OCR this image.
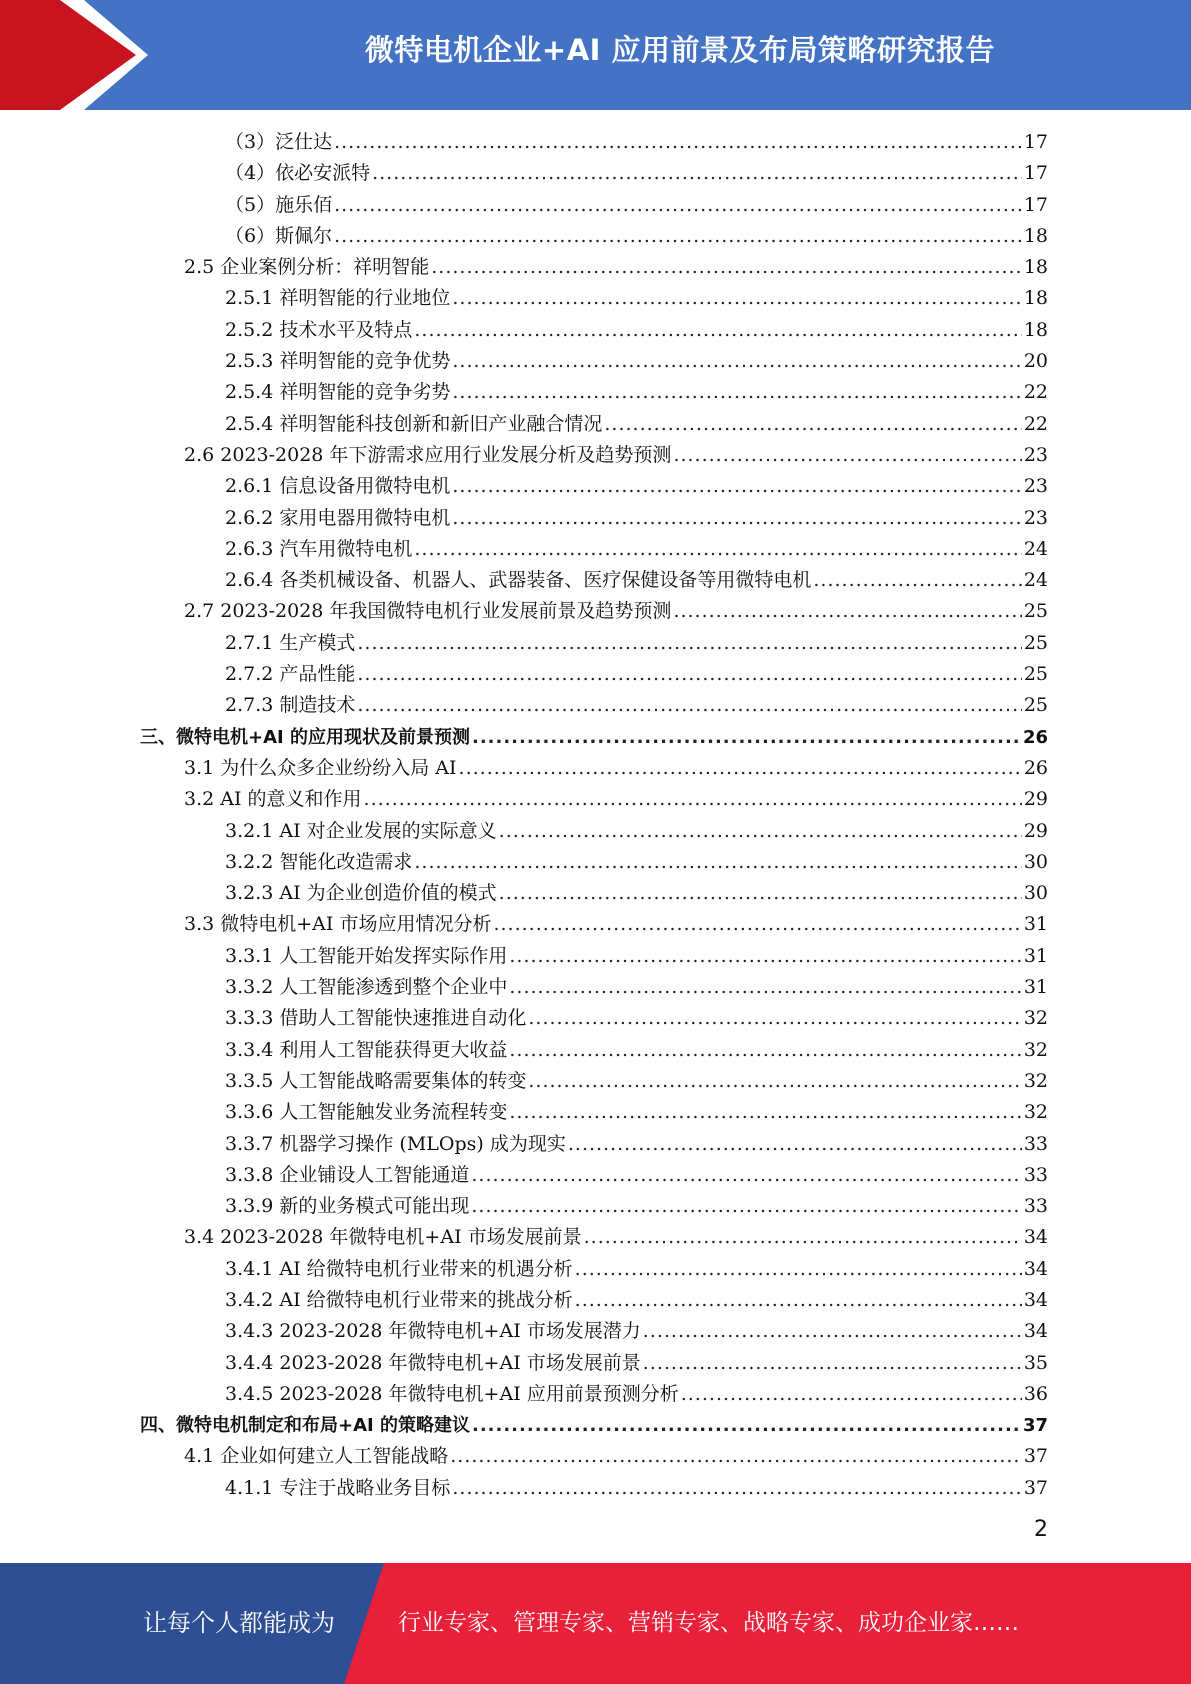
微特电机企业+AI 应用前景及布局策略研究报告
（3）泛仕达 .....	17
（4）依必安派特 .....	17
（5）施乐佰 .....	17
（6）斯佩尔 .....	18
2.5 企业案例分析：祥明智能 .....	18
2.5.1 祥明智能的行业地位 .....	18
2.5.2 技术水平及特点 .....	18
2.5.3 祥明智能的竞争优势 .....	20
2.5.4 祥明智能的竞争劣势 .....	22
2.5.4 祥明智能科技创新和新旧产业融合情况 .....	22
2.6 2023-2028 年下游需求应用行业发展分析及趋势预测 .....	23
2.6.1 信息设备用微特电机 .....	23
2.6.2 家用电器用微特电机 .....	23
2.6.3 汽车用微特电机 .....	24
2.6.4 各类机械设备、机器人、武器装备、医疗保健设备等用微特电机 .....	24
2.7 2023-2028 年我国微特电机行业发展前景及趋势预测 .....	25
2.7.1 生产模式 .....	25
2.7.2 产品性能 .....	25
2.7.3 制造技术 .....	25
三、微特电机+AI 的应用现状及前景预测 .....	26
3.1 为什么众多企业纷纷入局 AI .....	26
3.2 AI 的意义和作用 .....	29
3.2.1 AI 对企业发展的实际意义 .....	29
3.2.2 智能化改造需求 .....	30
3.2.3 AI 为企业创造价值的模式 .....	30
3.3 微特电机+AI 市场应用情况分析 .....	31
3.3.1 人工智能开始发挥实际作用 .....	31
3.3.2 人工智能渗透到整个企业中 .....	31
3.3.3 借助人工智能快速推进自动化 .....	32
3.3.4 利用人工智能获得更大收益 .....	32
3.3.5 人工智能战略需要集体的转变 .....	32
3.3.6 人工智能触发业务流程转变 .....	32
3.3.7 机器学习操作 (MLOps) 成为现实 .....	33
3.3.8 企业铺设人工智能通道 .....	33
3.3.9 新的业务模式可能出现 .....	33
3.4 2023-2028 年微特电机+AI 市场发展前景 .....	34
3.4.1 AI 给微特电机行业带来的机遇分析 .....	34
3.4.2 AI 给微特电机行业带来的挑战分析 .....	34
3.4.3 2023-2028 年微特电机+AI 市场发展潜力 .....	34
3.4.4 2023-2028 年微特电机+AI 市场发展前景 .....	35
3.4.5 2023-2028 年微特电机+AI 应用前景预测分析 .....	36
四、微特电机制定和布局+AI 的策略建议 .....	37
4.1 企业如何建立人工智能战略 .....	37
4.1.1 专注于战略业务目标 .....	37
2
让每个人都能成为	行业专家、管理专家、营销专家、战略专家、成功企业家……
